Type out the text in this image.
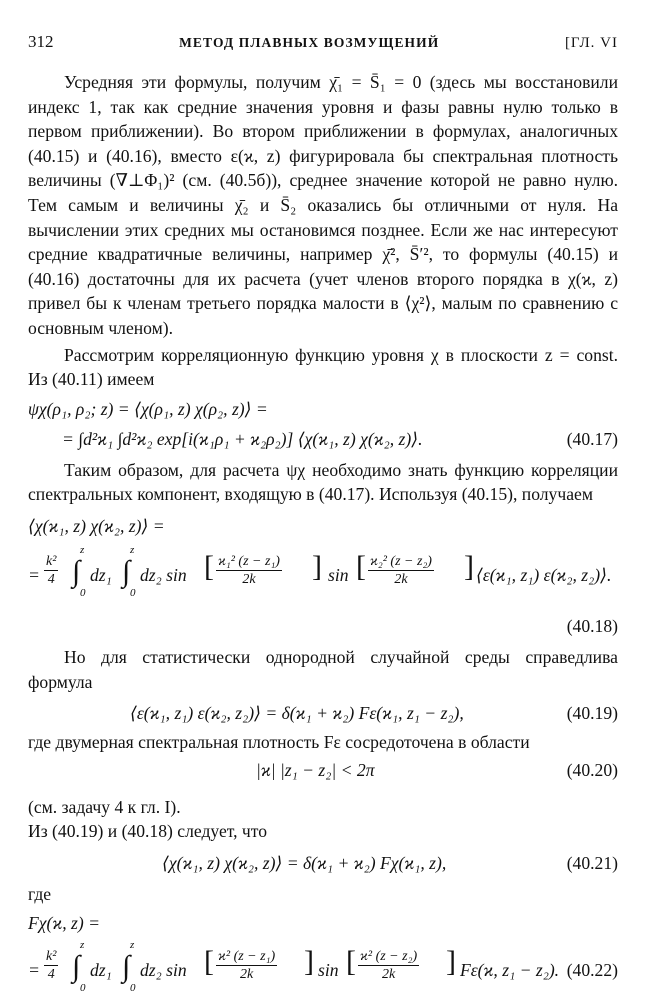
312	МЕТОД ПЛАВНЫХ ВОЗМУЩЕНИЙ	[ГЛ. VI

Усредняя эти формулы, получим χ̄₁ = S̄₁ = 0 (здесь мы восстановили индекс 1, так как средние значения уровня и фазы равны нулю только в первом приближении). Во втором приближении в формулах, аналогичных (40.15) и (40.16), вместо ε(ϰ, z) фигурировала бы спектральная плотность величины (∇⊥Φ₁)² (см. (40.5б)), среднее значение которой не равно нулю. Тем самым и величины χ̄₂ и S̄₂ оказались бы отличными от нуля. На вычислении этих средних мы остановимся позднее. Если же нас интересуют средние квадратичные величины, например χ̄², S̄′², то формулы (40.15) и (40.16) достаточны для их расчета (учет членов второго порядка в χ(ϰ, z) привел бы к членам третьего порядка малости в ⟨χ²⟩, малым по сравнению с основным членом).

Рассмотрим корреляционную функцию уровня χ в плоскости z = const. Из (40.11) имеем

ψχ(ρ₁, ρ₂; z) = ⟨χ(ρ₁, z) χ(ρ₂, z)⟩ =
= ∫d²ϰ₁ ∫d²ϰ₂ exp[i(ϰ₁ρ₁ + ϰ₂ρ₂)] ⟨χ(ϰ₁, z) χ(ϰ₂, z)⟩.	(40.17)

Таким образом, для расчета ψχ необходимо знать функцию корреляции спектральных компонент, входящую в (40.17). Используя (40.15), получаем

⟨χ(ϰ₁, z) χ(ϰ₂, z)⟩ =
= $\frac{\text{k²}}{4}$ ∫
z
0
dz₁ ∫
z
0
dz₂ sin [ $\frac{\text{ϰ₁² (z − z₁)}}{2k}$ ] sin [ $\frac{\text{ϰ₂² (z − z₂)}}{2k}$ ] ⟨ε(ϰ₁, z₁) ε(ϰ₂, z₂)⟩.
(40.18)

Но для статистически однородной случайной среды справедлива формула

⟨ε(ϰ₁, z₁) ε(ϰ₂, z₂)⟩ = δ(ϰ₁ + ϰ₂) Fε(ϰ₁, z₁ − z₂),	(40.19)

где двумерная спектральная плотность Fε сосредоточена в области

|ϰ| |z₁ − z₂| < 2π	(40.20)

(см. задачу 4 к гл. I).

Из (40.19) и (40.18) следует, что

⟨χ(ϰ₁, z) χ(ϰ₂, z)⟩ = δ(ϰ₁ + ϰ₂) Fχ(ϰ₁, z),	(40.21)

где

Fχ(ϰ, z) =
= $\frac{\text{k²}}{4}$ ∫
z
0
dz₁ ∫
z
0
dz₂ sin [ $\frac{\text{ϰ² (z − z₁)}}{2k}$ ] sin [ $\frac{\text{ϰ² (z − z₂)}}{2k}$ ] Fε(ϰ, z₁ − z₂). (40.22)
